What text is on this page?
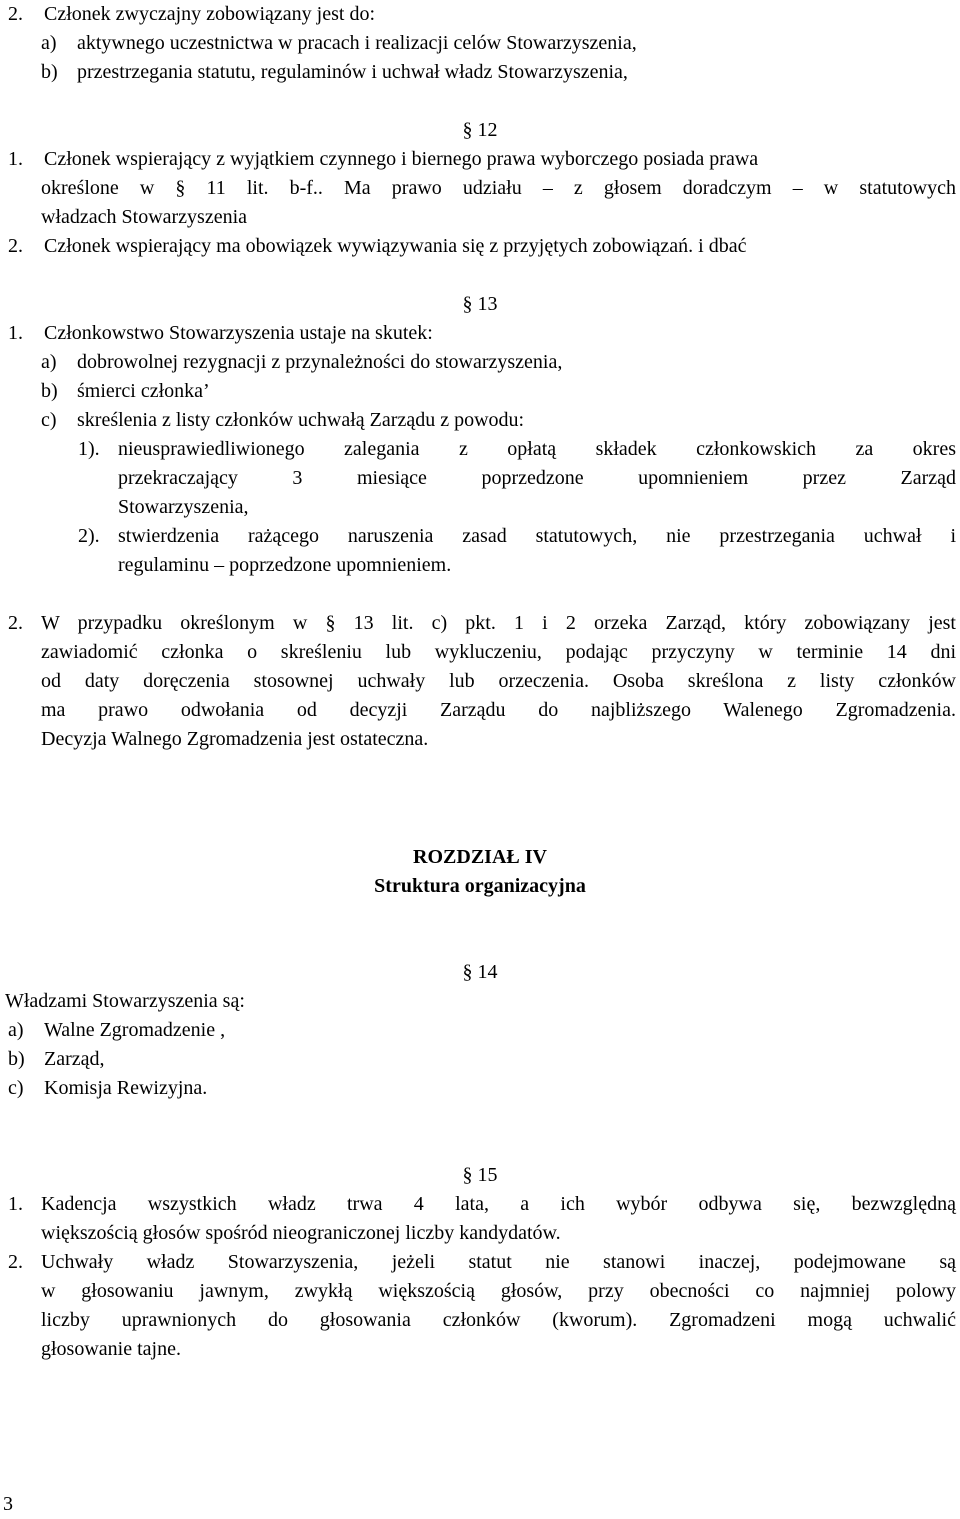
2. Członek zwyczajny zobowiązany jest do:
a) aktywnego uczestnictwa w pracach i realizacji celów Stowarzyszenia,
b) przestrzegania statutu, regulaminów i uchwał władz Stowarzyszenia,
§ 12
1. Członek wspierający z wyjątkiem czynnego i biernego prawa wyborczego posiada prawa
określone w § 11 lit. b-f.. Ma prawo udziału – z głosem doradczym – w statutowych
władzach Stowarzyszenia
2. Członek wspierający ma obowiązek wywiązywania się z przyjętych zobowiązań. i dbać
§ 13
1. Członkowstwo Stowarzyszenia ustaje na skutek:
a) dobrowolnej rezygnacji z przynależności do stowarzyszenia,
b) śmierci członka’
c) skreślenia z listy członków uchwałą Zarządu z powodu:
1). nieusprawiedliwionego zalegania z opłatą składek członkowskich za okres
przekraczający 3 miesiące poprzedzone upomnieniem przez Zarząd
Stowarzyszenia,
2). stwierdzenia rażącego naruszenia zasad statutowych, nie przestrzegania uchwał i
regulaminu – poprzedzone upomnieniem.
2. W przypadku określonym w § 13 lit. c) pkt. 1 i 2 orzeka Zarząd, który zobowiązany jest
zawiadomić członka o skreśleniu lub wykluczeniu, podając przyczyny w terminie 14 dni
od daty doręczenia stosownej uchwały lub orzeczenia. Osoba skreślona z listy członków
ma prawo odwołania od decyzji Zarządu do najbliższego Walenego Zgromadzenia.
Decyzja Walnego Zgromadzenia jest ostateczna.
ROZDZIAŁ IV
Struktura organizacyjna
§ 14
Władzami Stowarzyszenia są:
a) Walne Zgromadzenie ,
b) Zarząd,
c) Komisja Rewizyjna.
§ 15
1. Kadencja wszystkich władz trwa 4 lata, a ich wybór odbywa się, bezwzględną
większością głosów spośród nieograniczonej liczby kandydatów.
2. Uchwały władz Stowarzyszenia, jeżeli statut nie stanowi inaczej, podejmowane są
w głosowaniu jawnym, zwykłą większością głosów, przy obecności co najmniej polowy
liczby uprawnionych do głosowania członków (kworum). Zgromadzeni mogą uchwalić
głosowanie tajne.
3
